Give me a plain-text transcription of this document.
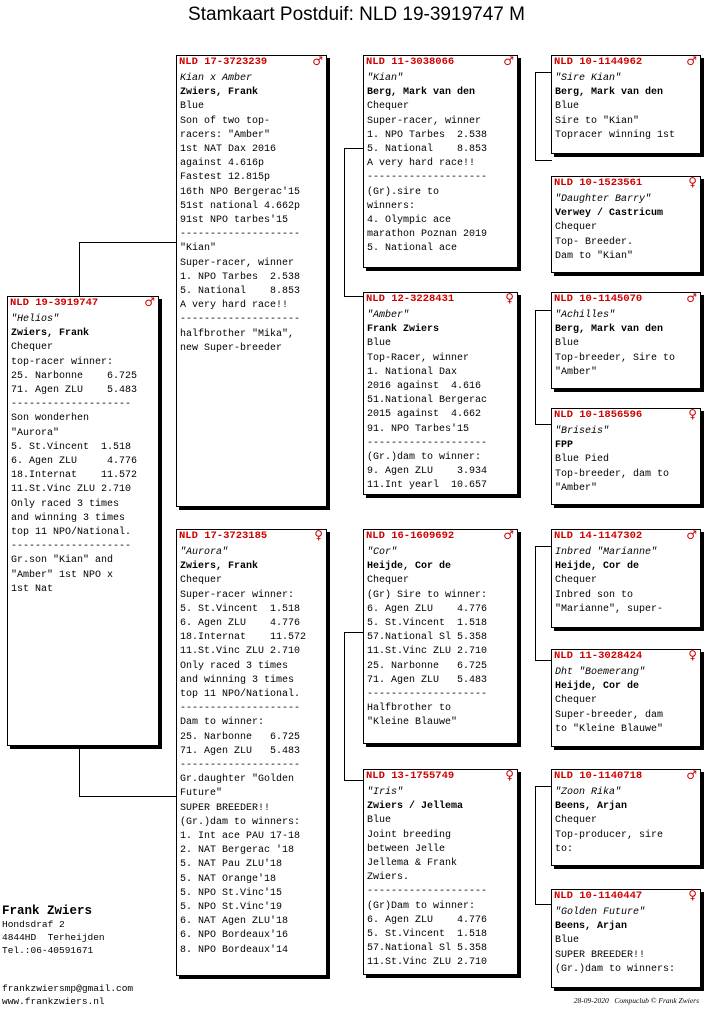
Stamkaart Postduif: NLD 19-3919747 M
NLD 19-3919747	♂
"Helios"
Zwiers, Frank
Chequer
top-racer winner:
25. Narbonne    6.725
71. Agen ZLU    5.483
--------------------
Son wonderhen
"Aurora"
5. St.Vincent  1.518
6. Agen ZLU     4.776
18.Internat    11.572
11.St.Vinc ZLU 2.710
Only raced 3 times
and winning 3 times
top 11 NPO/National.
--------------------
Gr.son "Kian" and
"Amber" 1st NPO x
1st Nat
NLD 17-3723239	♂
Kian x Amber
Zwiers, Frank
Blue
Son of two top-
racers: "Amber"
1st NAT Dax 2016
against 4.616p
Fastest 12.815p
16th NPO Bergerac'15
51st national 4.662p
91st NPO tarbes'15
--------------------
"Kian"
Super-racer, winner
1. NPO Tarbes  2.538
5. National    8.853
A very hard race!!
--------------------
halfbrother "Mika",
new Super-breeder
NLD 17-3723185	♀
"Aurora"
Zwiers, Frank
Chequer
Super-racer winner:
5. St.Vincent  1.518
6. Agen ZLU    4.776
18.Internat    11.572
11.St.Vinc ZLU 2.710
Only raced 3 times
and winning 3 times
top 11 NPO/National.
--------------------
Dam to winner:
25. Narbonne   6.725
71. Agen ZLU   5.483
--------------------
Gr.daughter "Golden
Future"
SUPER BREEDER!!
(Gr.)dam to winners:
1. Int ace PAU 17-18
2. NAT Bergerac '18
5. NAT Pau ZLU'18
5. NAT Orange'18
5. NPO St.Vinc'15
5. NPO St.Vinc'19
6. NAT Agen ZLU'18
6. NPO Bordeaux'16
8. NPO Bordeaux'14
NLD 11-3038066	♂
"Kian"
Berg, Mark van den
Chequer
Super-racer, winner
1. NPO Tarbes  2.538
5. National    8.853
A very hard race!!
--------------------
(Gr).sire to
winners:
4. Olympic ace
marathon Poznan 2019
5. National ace
NLD 12-3228431	♀
"Amber"
Frank Zwiers
Blue
Top-Racer, winner
1. National Dax
2016 against  4.616
51.National Bergerac
2015 against  4.662
91. NPO Tarbes'15
--------------------
(Gr.)dam to winner:
9. Agen ZLU    3.934
11.Int yearl  10.657
NLD 16-1609692	♂
"Cor"
Heijde, Cor de
Chequer
(Gr) Sire to winner:
6. Agen ZLU    4.776
5. St.Vincent  1.518
57.National Sl 5.358
11.St.Vinc ZLU 2.710
25. Narbonne   6.725
71. Agen ZLU   5.483
--------------------
Halfbrother to
"Kleine Blauwe"
NLD 13-1755749	♀
"Iris"
Zwiers / Jellema
Blue
Joint breeding
between Jelle
Jellema & Frank
Zwiers.
--------------------
(Gr)Dam to winner:
6. Agen ZLU    4.776
5. St.Vincent  1.518
57.National Sl 5.358
11.St.Vinc ZLU 2.710
NLD 10-1144962	♂
"Sire Kian"
Berg, Mark van den
Blue
Sire to "Kian"
Topracer winning 1st
NLD 10-1523561	♀
"Daughter Barry"
Verwey / Castricum
Chequer
Top- Breeder.
Dam to "Kian"
NLD 10-1145070	♂
"Achilles"
Berg, Mark van den
Blue
Top-breeder, Sire to
"Amber"
NLD 10-1856596	♀
"Briseis"
FPP
Blue Pied
Top-breeder, dam to
"Amber"
NLD 14-1147302	♂
Inbred "Marianne"
Heijde, Cor de
Chequer
Inbred son to
"Marianne", super-
NLD 11-3028424	♀
Dht "Boemerang"
Heijde, Cor de
Chequer
Super-breeder, dam
to "Kleine Blauwe"
NLD 10-1140718	♂
"Zoon Rika"
Beens, Arjan
Chequer
Top-producer, sire
to:
NLD 10-1140447	♀
"Golden Future"
Beens, Arjan
Blue
SUPER BREEDER!!
(Gr.)dam to winners:
Frank Zwiers
Hondsdraf 2
4844HD  Terheijden
Tel.:06-40591671
frankzwiersmp@gmail.com
www.frankzwiers.nl	28-09-2020 Compuclub © Frank Zwiers
